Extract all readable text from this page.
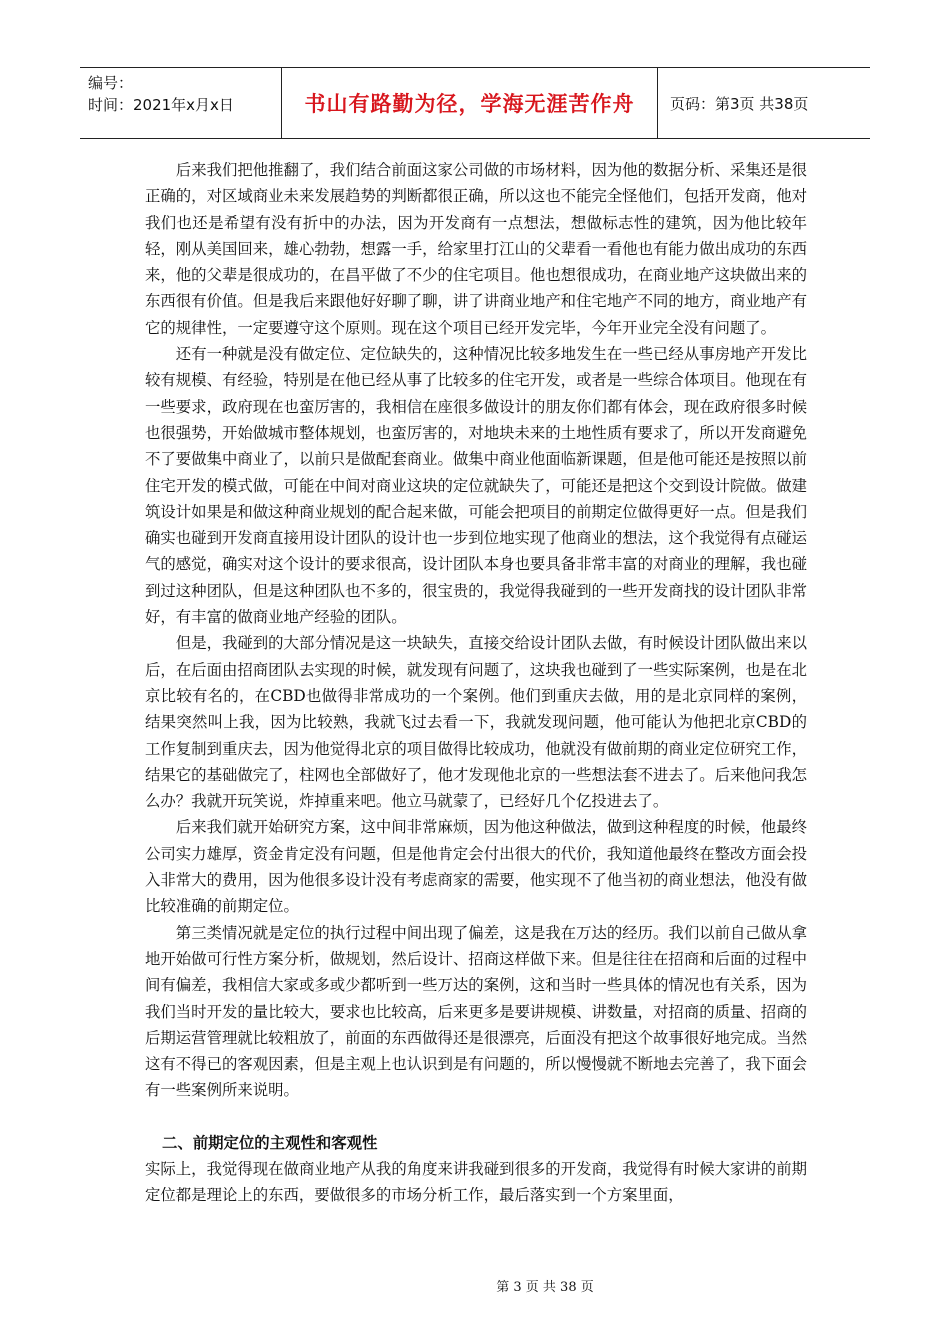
编号：
时间：2021年x月x日	书山有路勤为径，学海无涯苦作舟	页码：第3页 共38页

后来我们把他推翻了，我们结合前面这家公司做的市场材料，因为他的数据分析、采集还是很正确的，对区域商业未来发展趋势的判断都很正确，所以这也不能完全怪他们，包括开发商，他对我们也还是希望有没有折中的办法，因为开发商有一点想法，想做标志性的建筑，因为他比较年轻，刚从美国回来，雄心勃勃，想露一手，给家里打江山的父辈看一看他也有能力做出成功的东西来，他的父辈是很成功的，在昌平做了不少的住宅项目。他也想很成功，在商业地产这块做出来的东西很有价值。但是我后来跟他好好聊了聊，讲了讲商业地产和住宅地产不同的地方，商业地产有它的规律性，一定要遵守这个原则。现在这个项目已经开发完毕，今年开业完全没有问题了。

还有一种就是没有做定位、定位缺失的，这种情况比较多地发生在一些已经从事房地产开发比较有规模、有经验，特别是在他已经从事了比较多的住宅开发，或者是一些综合体项目。他现在有一些要求，政府现在也蛮厉害的，我相信在座很多做设计的朋友你们都有体会，现在政府很多时候也很强势，开始做城市整体规划，也蛮厉害的，对地块未来的土地性质有要求了，所以开发商避免不了要做集中商业了，以前只是做配套商业。做集中商业他面临新课题，但是他可能还是按照以前住宅开发的模式做，可能在中间对商业这块的定位就缺失了，可能还是把这个交到设计院做。做建筑设计如果是和做这种商业规划的配合起来做，可能会把项目的前期定位做得更好一点。但是我们确实也碰到开发商直接用设计团队的设计也一步到位地实现了他商业的想法，这个我觉得有点碰运气的感觉，确实对这个设计的要求很高，设计团队本身也要具备非常丰富的对商业的理解，我也碰到过这种团队，但是这种团队也不多的，很宝贵的，我觉得我碰到的一些开发商找的设计团队非常好，有丰富的做商业地产经验的团队。

但是，我碰到的大部分情况是这一块缺失，直接交给设计团队去做，有时候设计团队做出来以后，在后面由招商团队去实现的时候，就发现有问题了，这块我也碰到了一些实际案例，也是在北京比较有名的，在CBD也做得非常成功的一个案例。他们到重庆去做，用的是北京同样的案例，结果突然叫上我，因为比较熟，我就飞过去看一下，我就发现问题，他可能认为他把北京CBD的工作复制到重庆去，因为他觉得北京的项目做得比较成功，他就没有做前期的商业定位研究工作，结果它的基础做完了，柱网也全部做好了，他才发现他北京的一些想法套不进去了。后来他问我怎么办？我就开玩笑说，炸掉重来吧。他立马就蒙了，已经好几个亿投进去了。

后来我们就开始研究方案，这中间非常麻烦，因为他这种做法，做到这种程度的时候，他最终公司实力雄厚，资金肯定没有问题，但是他肯定会付出很大的代价，我知道他最终在整改方面会投入非常大的费用，因为他很多设计没有考虑商家的需要，他实现不了他当初的商业想法，他没有做比较准确的前期定位。

第三类情况就是定位的执行过程中间出现了偏差，这是我在万达的经历。我们以前自己做从拿地开始做可行性方案分析，做规划，然后设计、招商这样做下来。但是往往在招商和后面的过程中间有偏差，我相信大家或多或少都听到一些万达的案例，这和当时一些具体的情况也有关系，因为我们当时开发的量比较大，要求也比较高，后来更多是要讲规模、讲数量，对招商的质量、招商的后期运营管理就比较粗放了，前面的东西做得还是很漂亮，后面没有把这个故事很好地完成。当然这有不得已的客观因素，但是主观上也认识到是有问题的，所以慢慢就不断地去完善了，我下面会有一些案例所来说明。

二、前期定位的主观性和客观性

实际上，我觉得现在做商业地产从我的角度来讲我碰到很多的开发商，我觉得有时候大家讲的前期定位都是理论上的东西，要做很多的市场分析工作，最后落实到一个方案里面，

第 3 页 共 38 页
